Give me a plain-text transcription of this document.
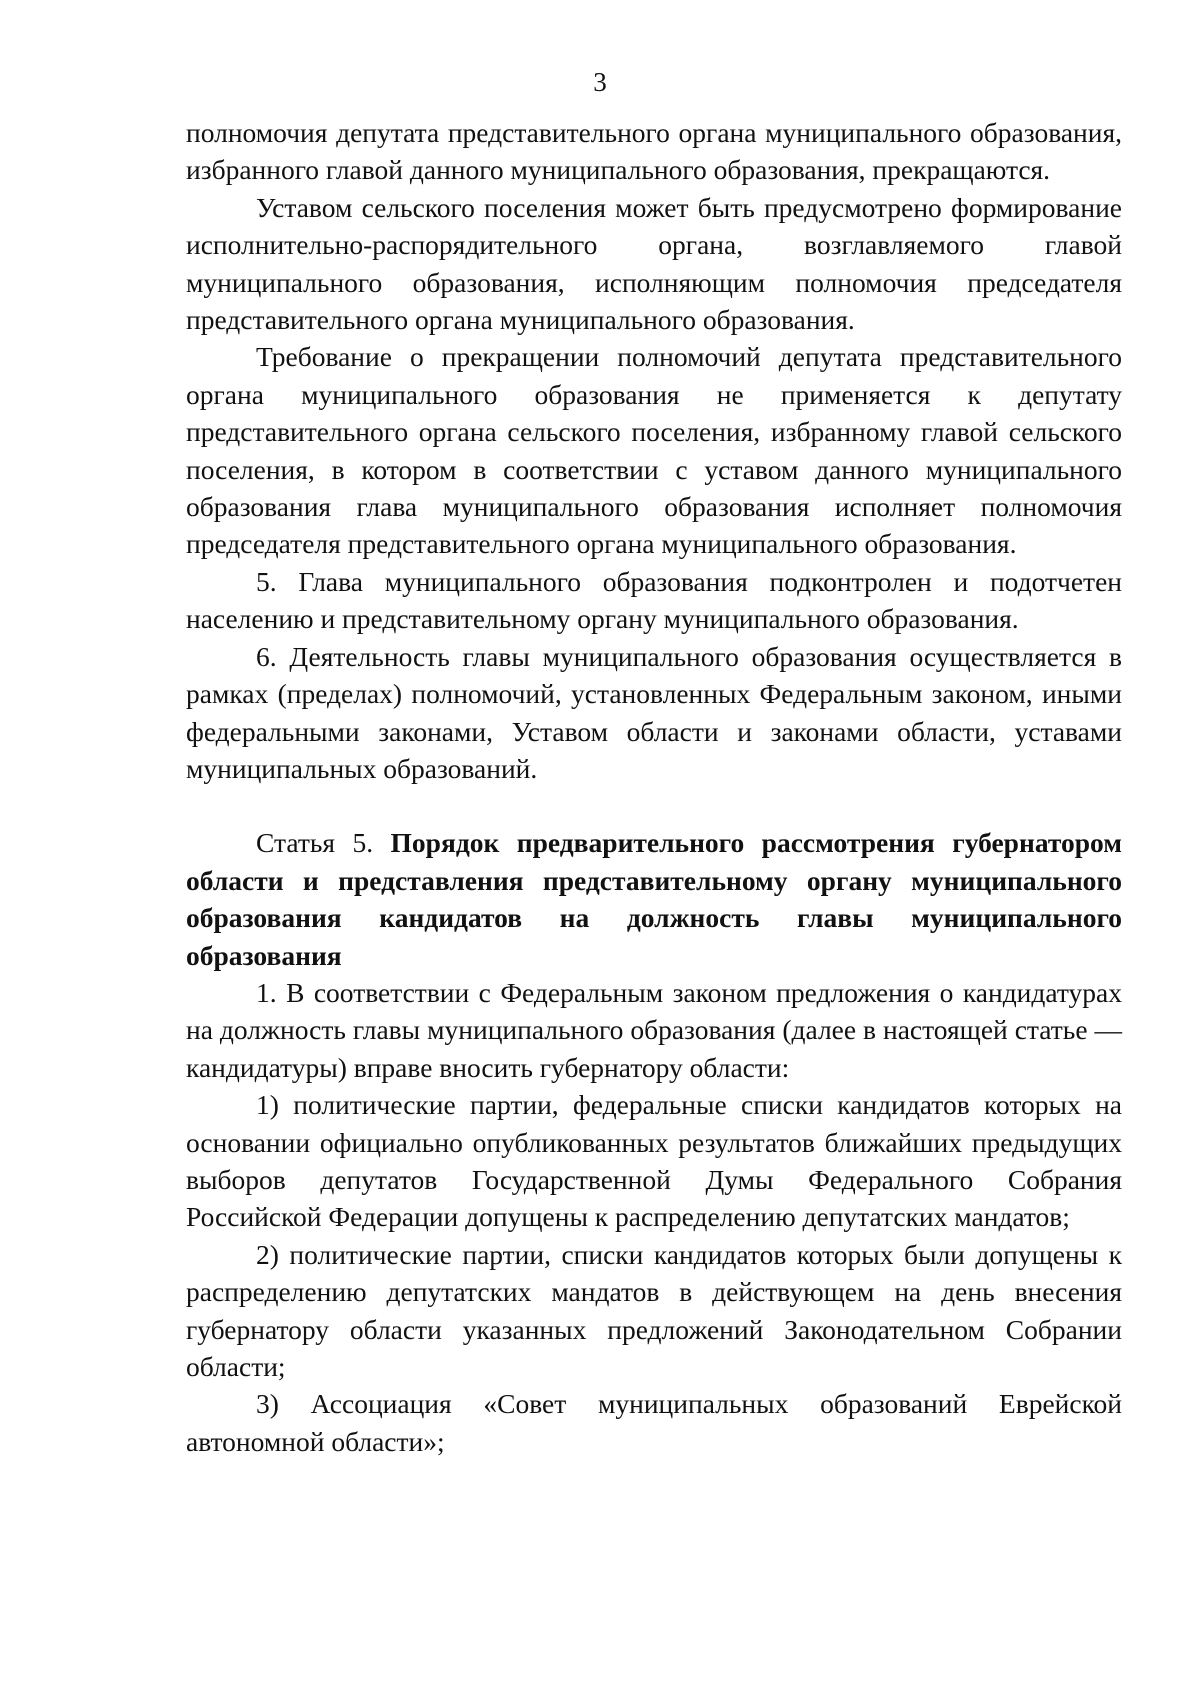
3

полномочия депутата представительного органа муниципального образования, избранного главой данного муниципального образования, прекращаются.

Уставом сельского поселения может быть предусмотрено формирование исполнительно-распорядительного органа, возглавляемого главой муниципального образования, исполняющим полномочия председателя представительного органа муниципального образования.

Требование о прекращении полномочий депутата представительного органа муниципального образования не применяется к депутату представительного органа сельского поселения, избранному главой сельского поселения, в котором в соответствии с уставом данного муниципального образования глава муниципального образования исполняет полномочия председателя представительного органа муниципального образования.

5. Глава муниципального образования подконтролен и подотчетен населению и представительному органу муниципального образования.

6. Деятельность главы муниципального образования осуществляется в рамках (пределах) полномочий, установленных Федеральным законом, иными федеральными законами, Уставом области и законами области, уставами муниципальных образований.

Статья 5. Порядок предварительного рассмотрения губернатором области и представления представительному органу муниципального образования кандидатов на должность главы муниципального образования

1. В соответствии с Федеральным законом предложения о кандидатурах на должность главы муниципального образования (далее в настоящей статье — кандидатуры) вправе вносить губернатору области:

1) политические партии, федеральные списки кандидатов которых на основании официально опубликованных результатов ближайших предыдущих выборов депутатов Государственной Думы Федерального Собрания Российской Федерации допущены к распределению депутатских мандатов;

2) политические партии, списки кандидатов которых были допущены к распределению депутатских мандатов в действующем на день внесения губернатору области указанных предложений Законодательном Собрании области;

3) Ассоциация «Совет муниципальных образований Еврейской автономной области»;
